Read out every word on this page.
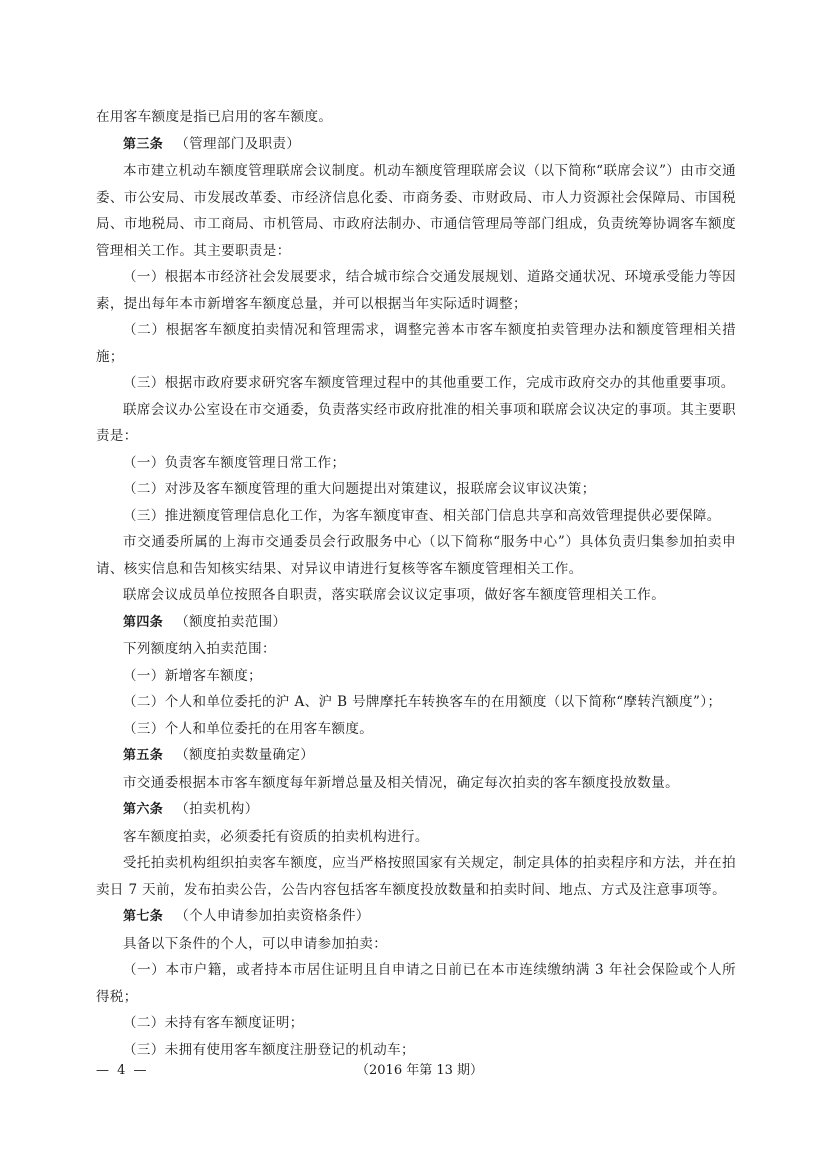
在用客车额度是指已启用的客车额度。

第三条 （管理部门及职责）

本市建立机动车额度管理联席会议制度。机动车额度管理联席会议（以下简称“联席会议”）由市交通委、市公安局、市发展改革委、市经济信息化委、市商务委、市财政局、市人力资源社会保障局、市国税局、市地税局、市工商局、市机管局、市政府法制办、市通信管理局等部门组成，负责统筹协调客车额度管理相关工作。其主要职责是：

（一）根据本市经济社会发展要求，结合城市综合交通发展规划、道路交通状况、环境承受能力等因素，提出每年本市新增客车额度总量，并可以根据当年实际适时调整；

（二）根据客车额度拍卖情况和管理需求，调整完善本市客车额度拍卖管理办法和额度管理相关措施；

（三）根据市政府要求研究客车额度管理过程中的其他重要工作，完成市政府交办的其他重要事项。

联席会议办公室设在市交通委，负责落实经市政府批准的相关事项和联席会议决定的事项。其主要职责是：

（一）负责客车额度管理日常工作；

（二）对涉及客车额度管理的重大问题提出对策建议，报联席会议审议决策；

（三）推进额度管理信息化工作，为客车额度审查、相关部门信息共享和高效管理提供必要保障。

市交通委所属的上海市交通委员会行政服务中心（以下简称“服务中心”）具体负责归集参加拍卖申请、核实信息和告知核实结果、对异议申请进行复核等客车额度管理相关工作。

联席会议成员单位按照各自职责，落实联席会议议定事项，做好客车额度管理相关工作。

第四条 （额度拍卖范围）

下列额度纳入拍卖范围：

（一）新增客车额度；

（二）个人和单位委托的沪 A、沪 B 号牌摩托车转换客车的在用额度（以下简称“摩转汽额度”）；

（三）个人和单位委托的在用客车额度。

第五条 （额度拍卖数量确定）

市交通委根据本市客车额度每年新增总量及相关情况，确定每次拍卖的客车额度投放数量。

第六条 （拍卖机构）

客车额度拍卖，必须委托有资质的拍卖机构进行。

受托拍卖机构组织拍卖客车额度，应当严格按照国家有关规定，制定具体的拍卖程序和方法，并在拍卖日 7 天前，发布拍卖公告，公告内容包括客车额度投放数量和拍卖时间、地点、方式及注意事项等。

第七条 （个人申请参加拍卖资格条件）

具备以下条件的个人，可以申请参加拍卖：

（一）本市户籍，或者持本市居住证明且自申请之日前已在本市连续缴纳满 3 年社会保险或个人所得税；

（二）未持有客车额度证明；

（三）未拥有使用客车额度注册登记的机动车；

— 4 —	（2016 年第 13 期）
